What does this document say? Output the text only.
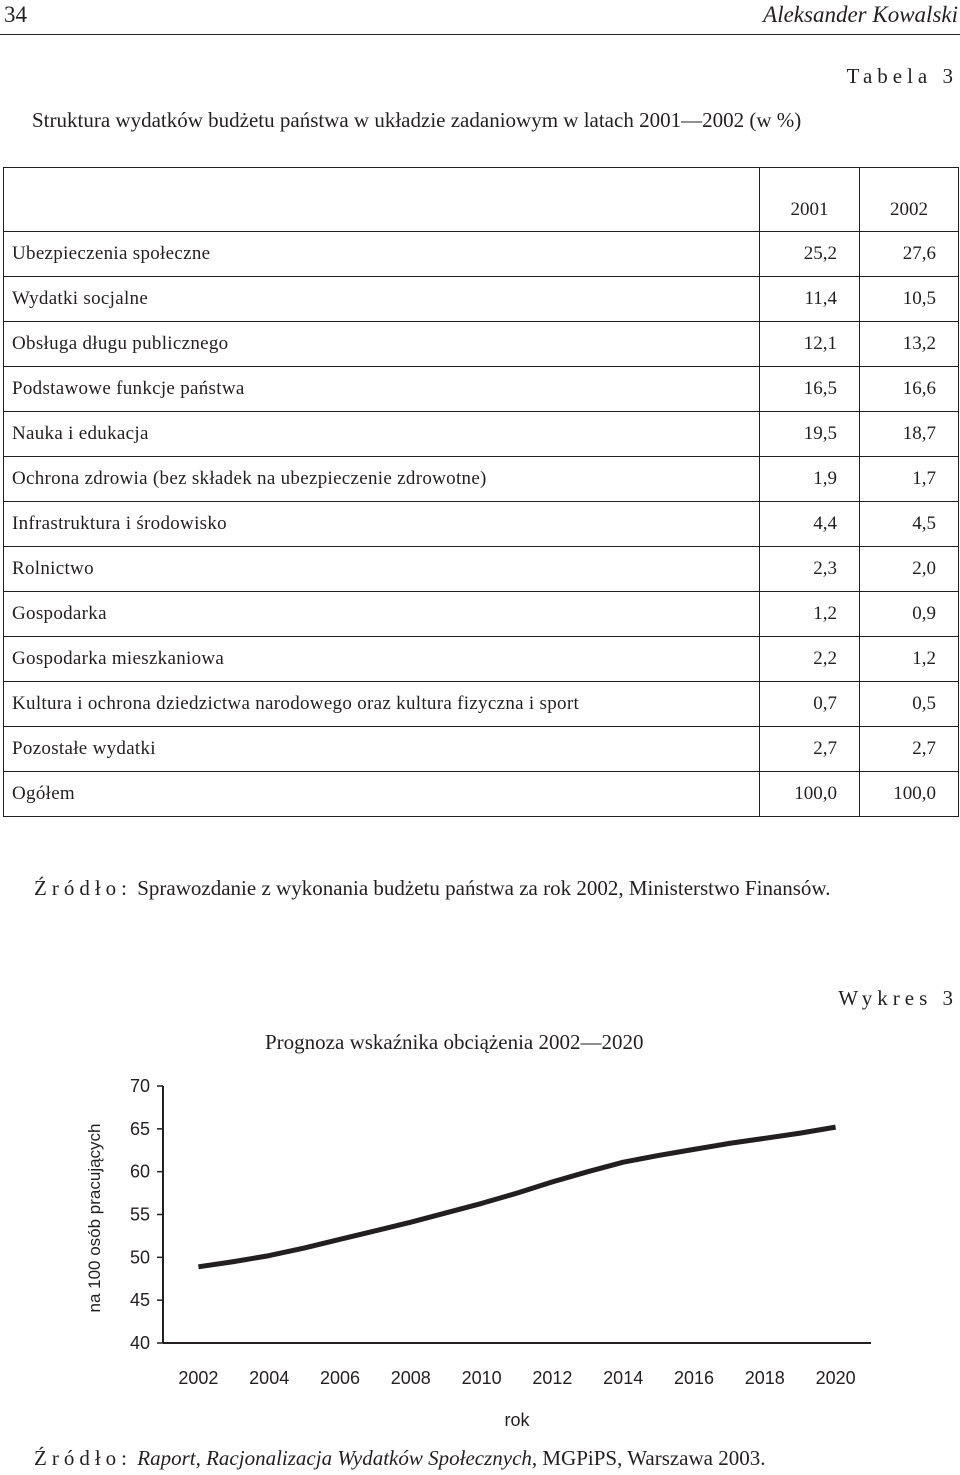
34	Aleksander Kowalski
Tabela 3
Struktura wydatków budżetu państwa w układzie zadaniowym w latach 2001—2002 (w %)
	2001	2002
Ubezpieczenia społeczne	25,2	27,6
Wydatki socjalne	11,4	10,5
Obsługa długu publicznego	12,1	13,2
Podstawowe funkcje państwa	16,5	16,6
Nauka i edukacja	19,5	18,7
Ochrona zdrowia (bez składek na ubezpieczenie zdrowotne)	1,9	1,7
Infrastruktura i środowisko	4,4	4,5
Rolnictwo	2,3	2,0
Gospodarka	1,2	0,9
Gospodarka mieszkaniowa	2,2	1,2
Kultura i ochrona dziedzictwa narodowego oraz kultura fizyczna i sport	0,7	0,5
Pozostałe wydatki	2,7	2,7
Ogółem	100,0	100,0
Źródło: Sprawozdanie z wykonania budżetu państwa za rok 2002, Ministerstwo Finansów.
Wykres 3
Prognoza wskaźnika obciążenia 2002—2020
na 100 osób pracujących
40
45
50
55
60
65
70
2002 2004 2006 2008 2010 2012 2014 2016 2018 2020
rok
Źródło: Raport, Racjonalizacja Wydatków Społecznych, MGPiPS, Warszawa 2003.
